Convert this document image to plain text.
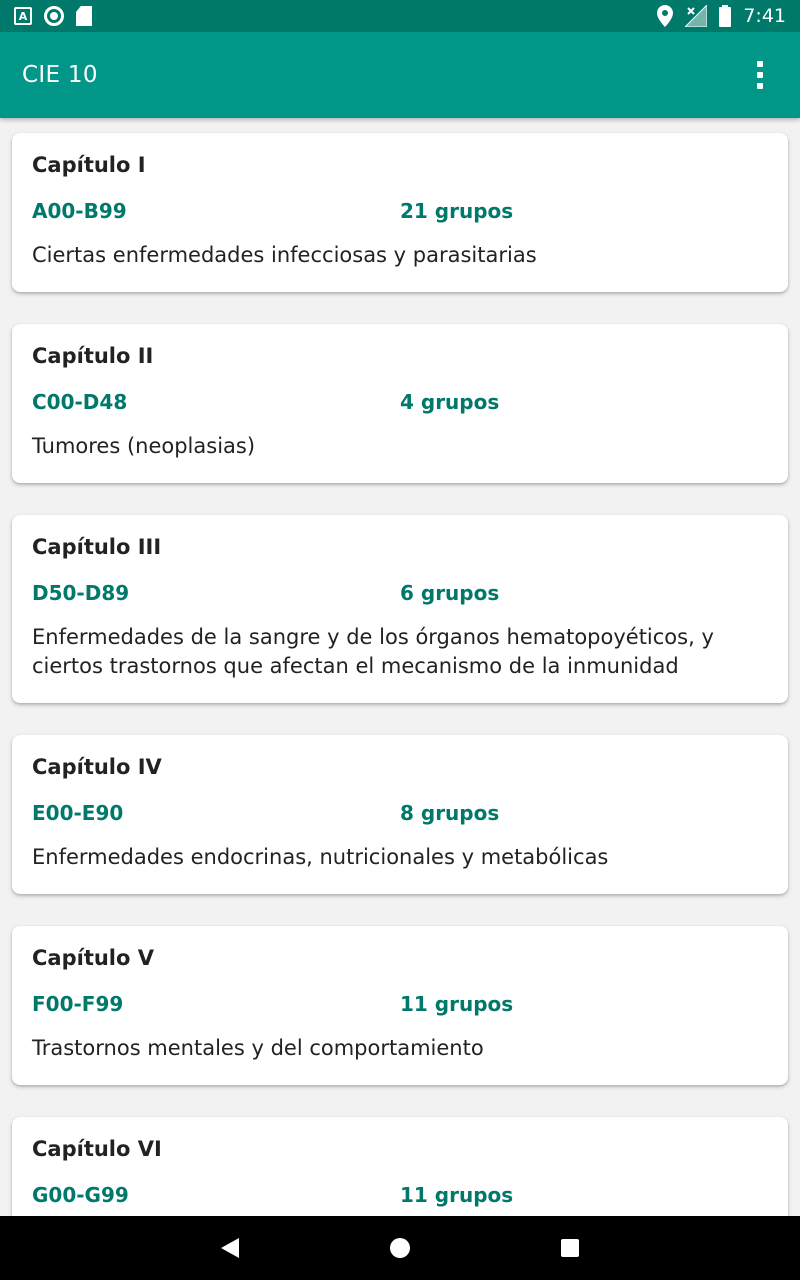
A	7:41
CIE 10
Capítulo I
A00-B99	21 grupos
Ciertas enfermedades infecciosas y parasitarias
Capítulo II
C00-D48	4 grupos
Tumores (neoplasias)
Capítulo III
D50-D89	6 grupos
Enfermedades de la sangre y de los órganos hematopoyéticos, y ciertos trastornos que afectan el mecanismo de la inmunidad
Capítulo IV
E00-E90	8 grupos
Enfermedades endocrinas, nutricionales y metabólicas
Capítulo V
F00-F99	11 grupos
Trastornos mentales y del comportamiento
Capítulo VI
G00-G99	11 grupos
